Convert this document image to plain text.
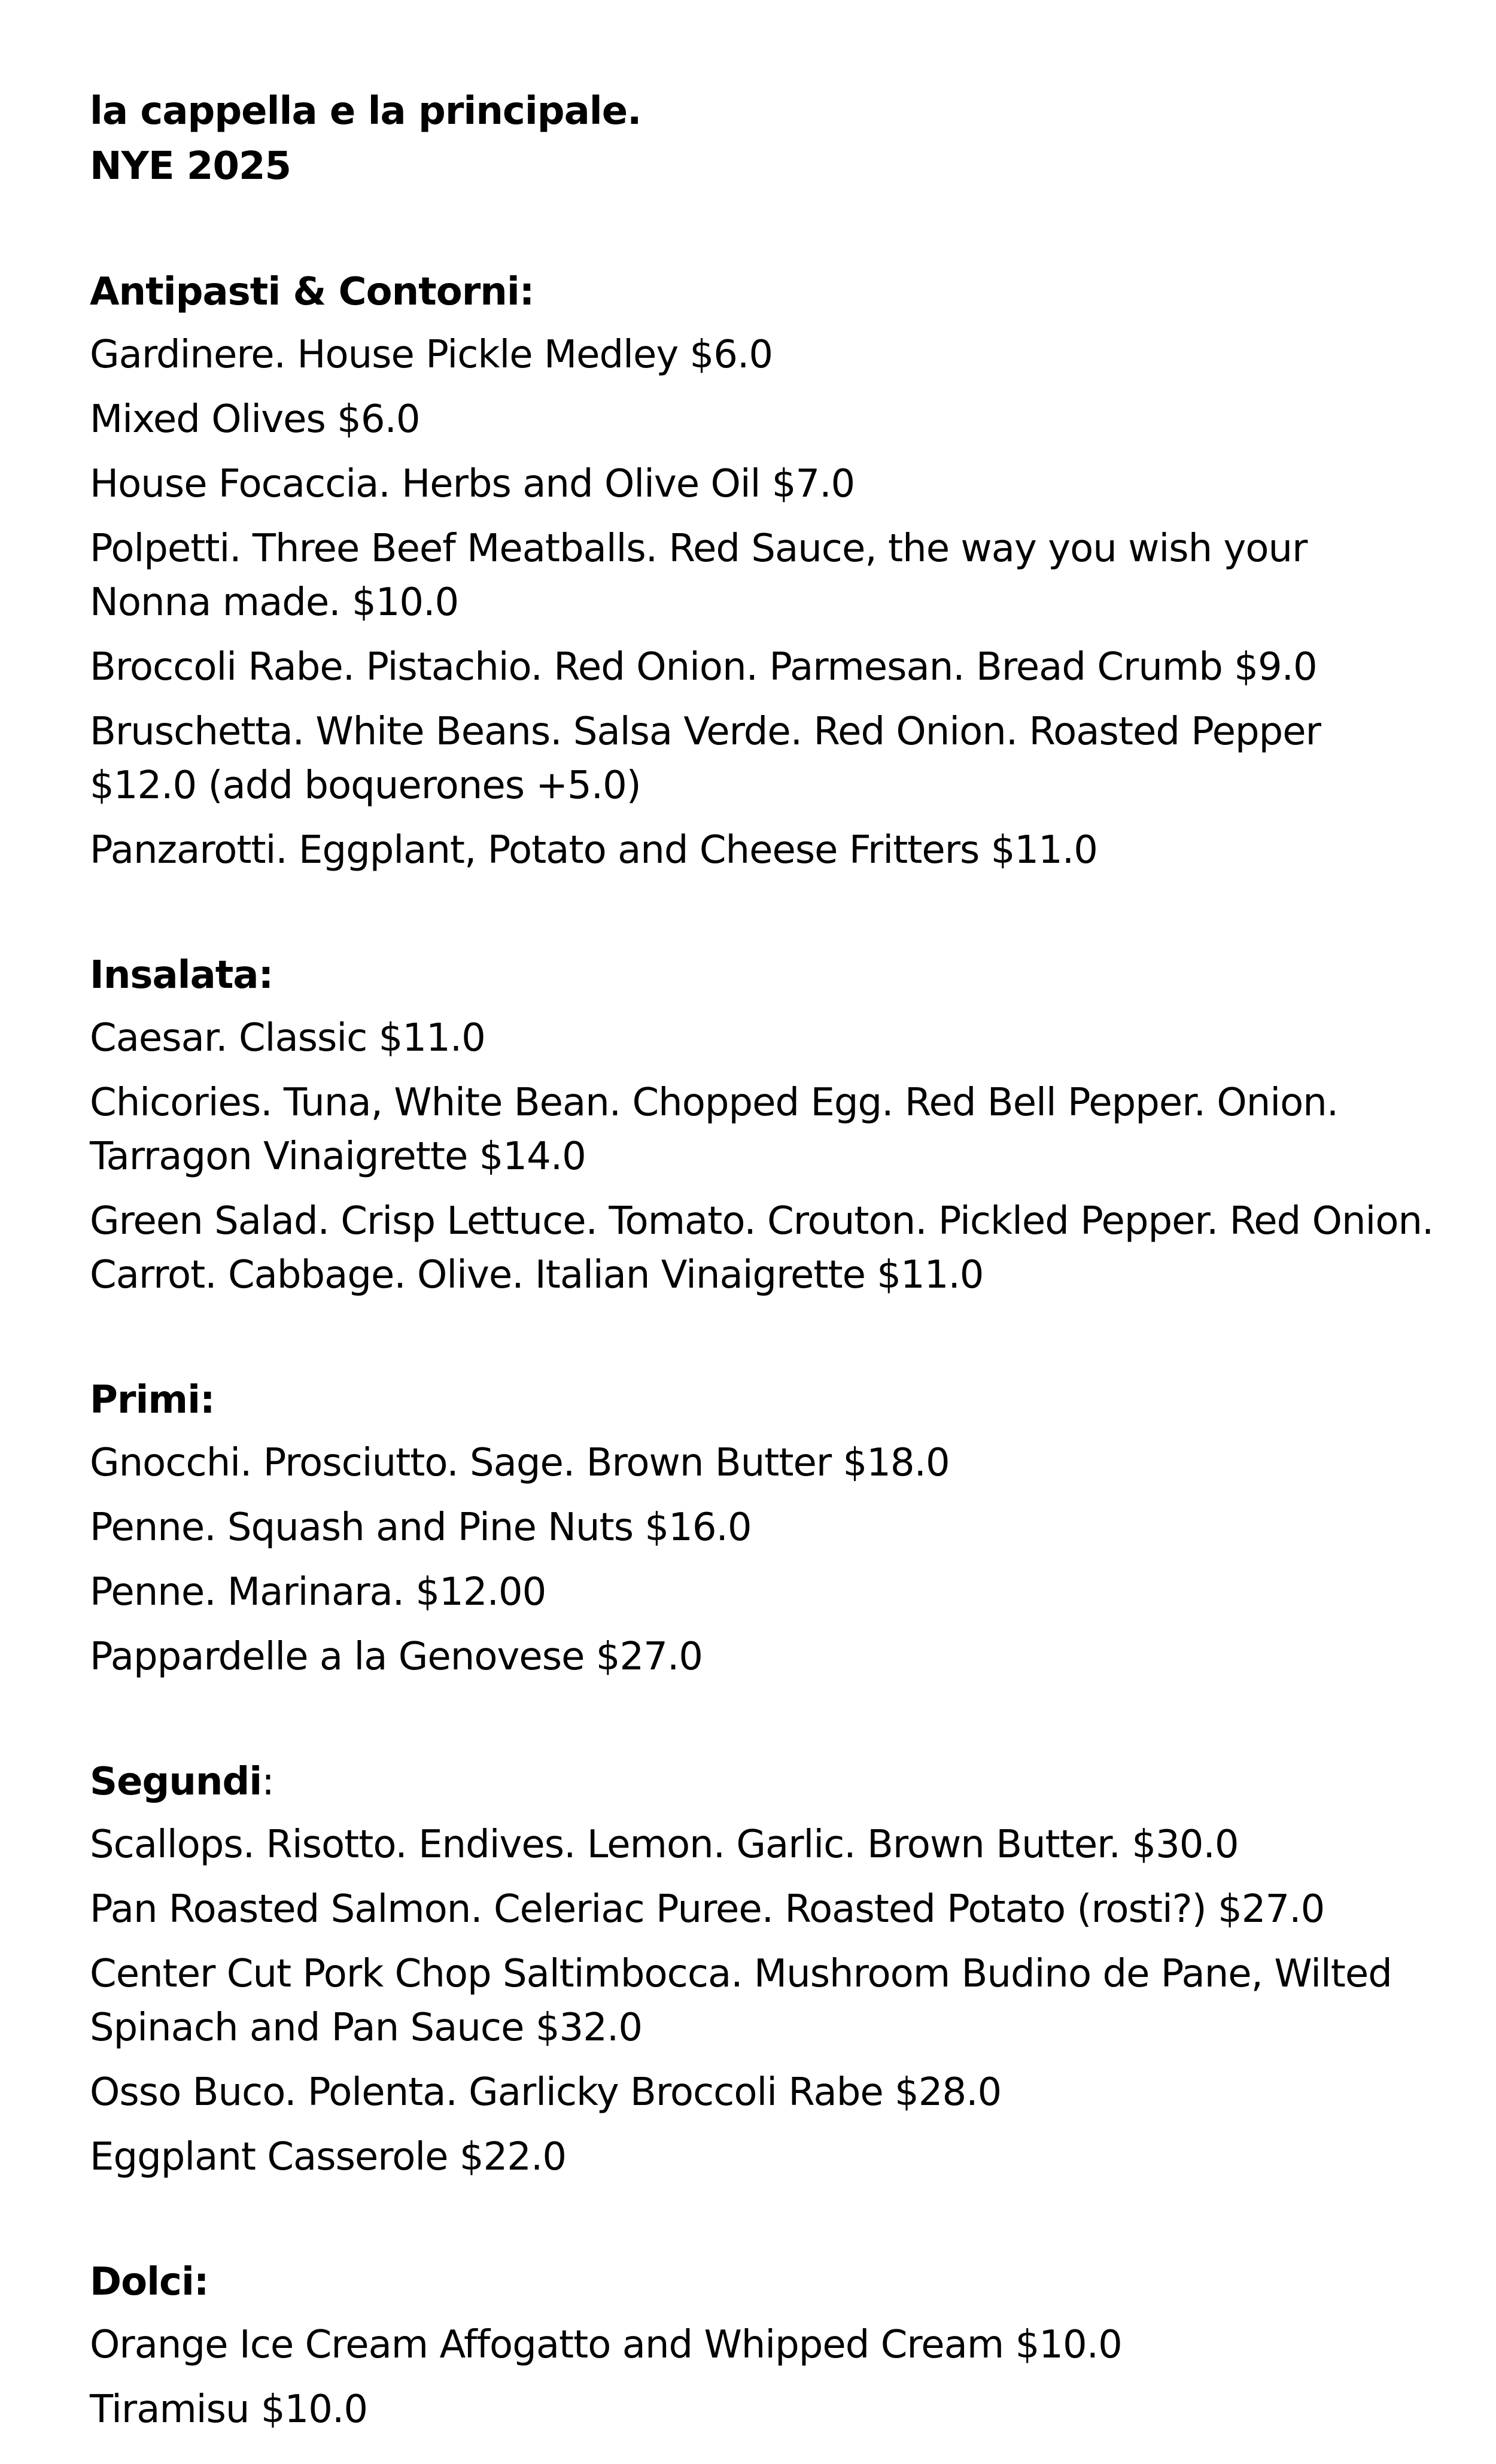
la cappella e la principale.
NYE 2025
Antipasti & Contorni:
Gardinere. House Pickle Medley $6.0
Mixed Olives $6.0
House Focaccia. Herbs and Olive Oil $7.0
Polpetti. Three Beef Meatballs. Red Sauce, the way you wish your Nonna made. $10.0
Broccoli Rabe. Pistachio. Red Onion. Parmesan. Bread Crumb $9.0
Bruschetta. White Beans. Salsa Verde. Red Onion. Roasted Pepper $12.0 (add boquerones +5.0)
Panzarotti. Eggplant, Potato and Cheese Fritters $11.0
Insalata:
Caesar. Classic $11.0
Chicories. Tuna, White Bean. Chopped Egg. Red Bell Pepper. Onion. Tarragon Vinaigrette $14.0
Green Salad. Crisp Lettuce. Tomato. Crouton. Pickled Pepper. Red Onion. Carrot. Cabbage. Olive. Italian Vinaigrette $11.0
Primi:
Gnocchi. Prosciutto. Sage. Brown Butter $18.0
Penne. Squash and Pine Nuts $16.0
Penne. Marinara. $12.00
Pappardelle a la Genovese $27.0
Segundi:
Scallops. Risotto. Endives. Lemon. Garlic. Brown Butter. $30.0
Pan Roasted Salmon. Celeriac Puree. Roasted Potato (rosti?) $27.0
Center Cut Pork Chop Saltimbocca. Mushroom Budino de Pane, Wilted Spinach and Pan Sauce $32.0
Osso Buco. Polenta. Garlicky Broccoli Rabe $28.0
Eggplant Casserole $22.0
Dolci:
Orange Ice Cream Affogatto and Whipped Cream $10.0
Tiramisu $10.0
